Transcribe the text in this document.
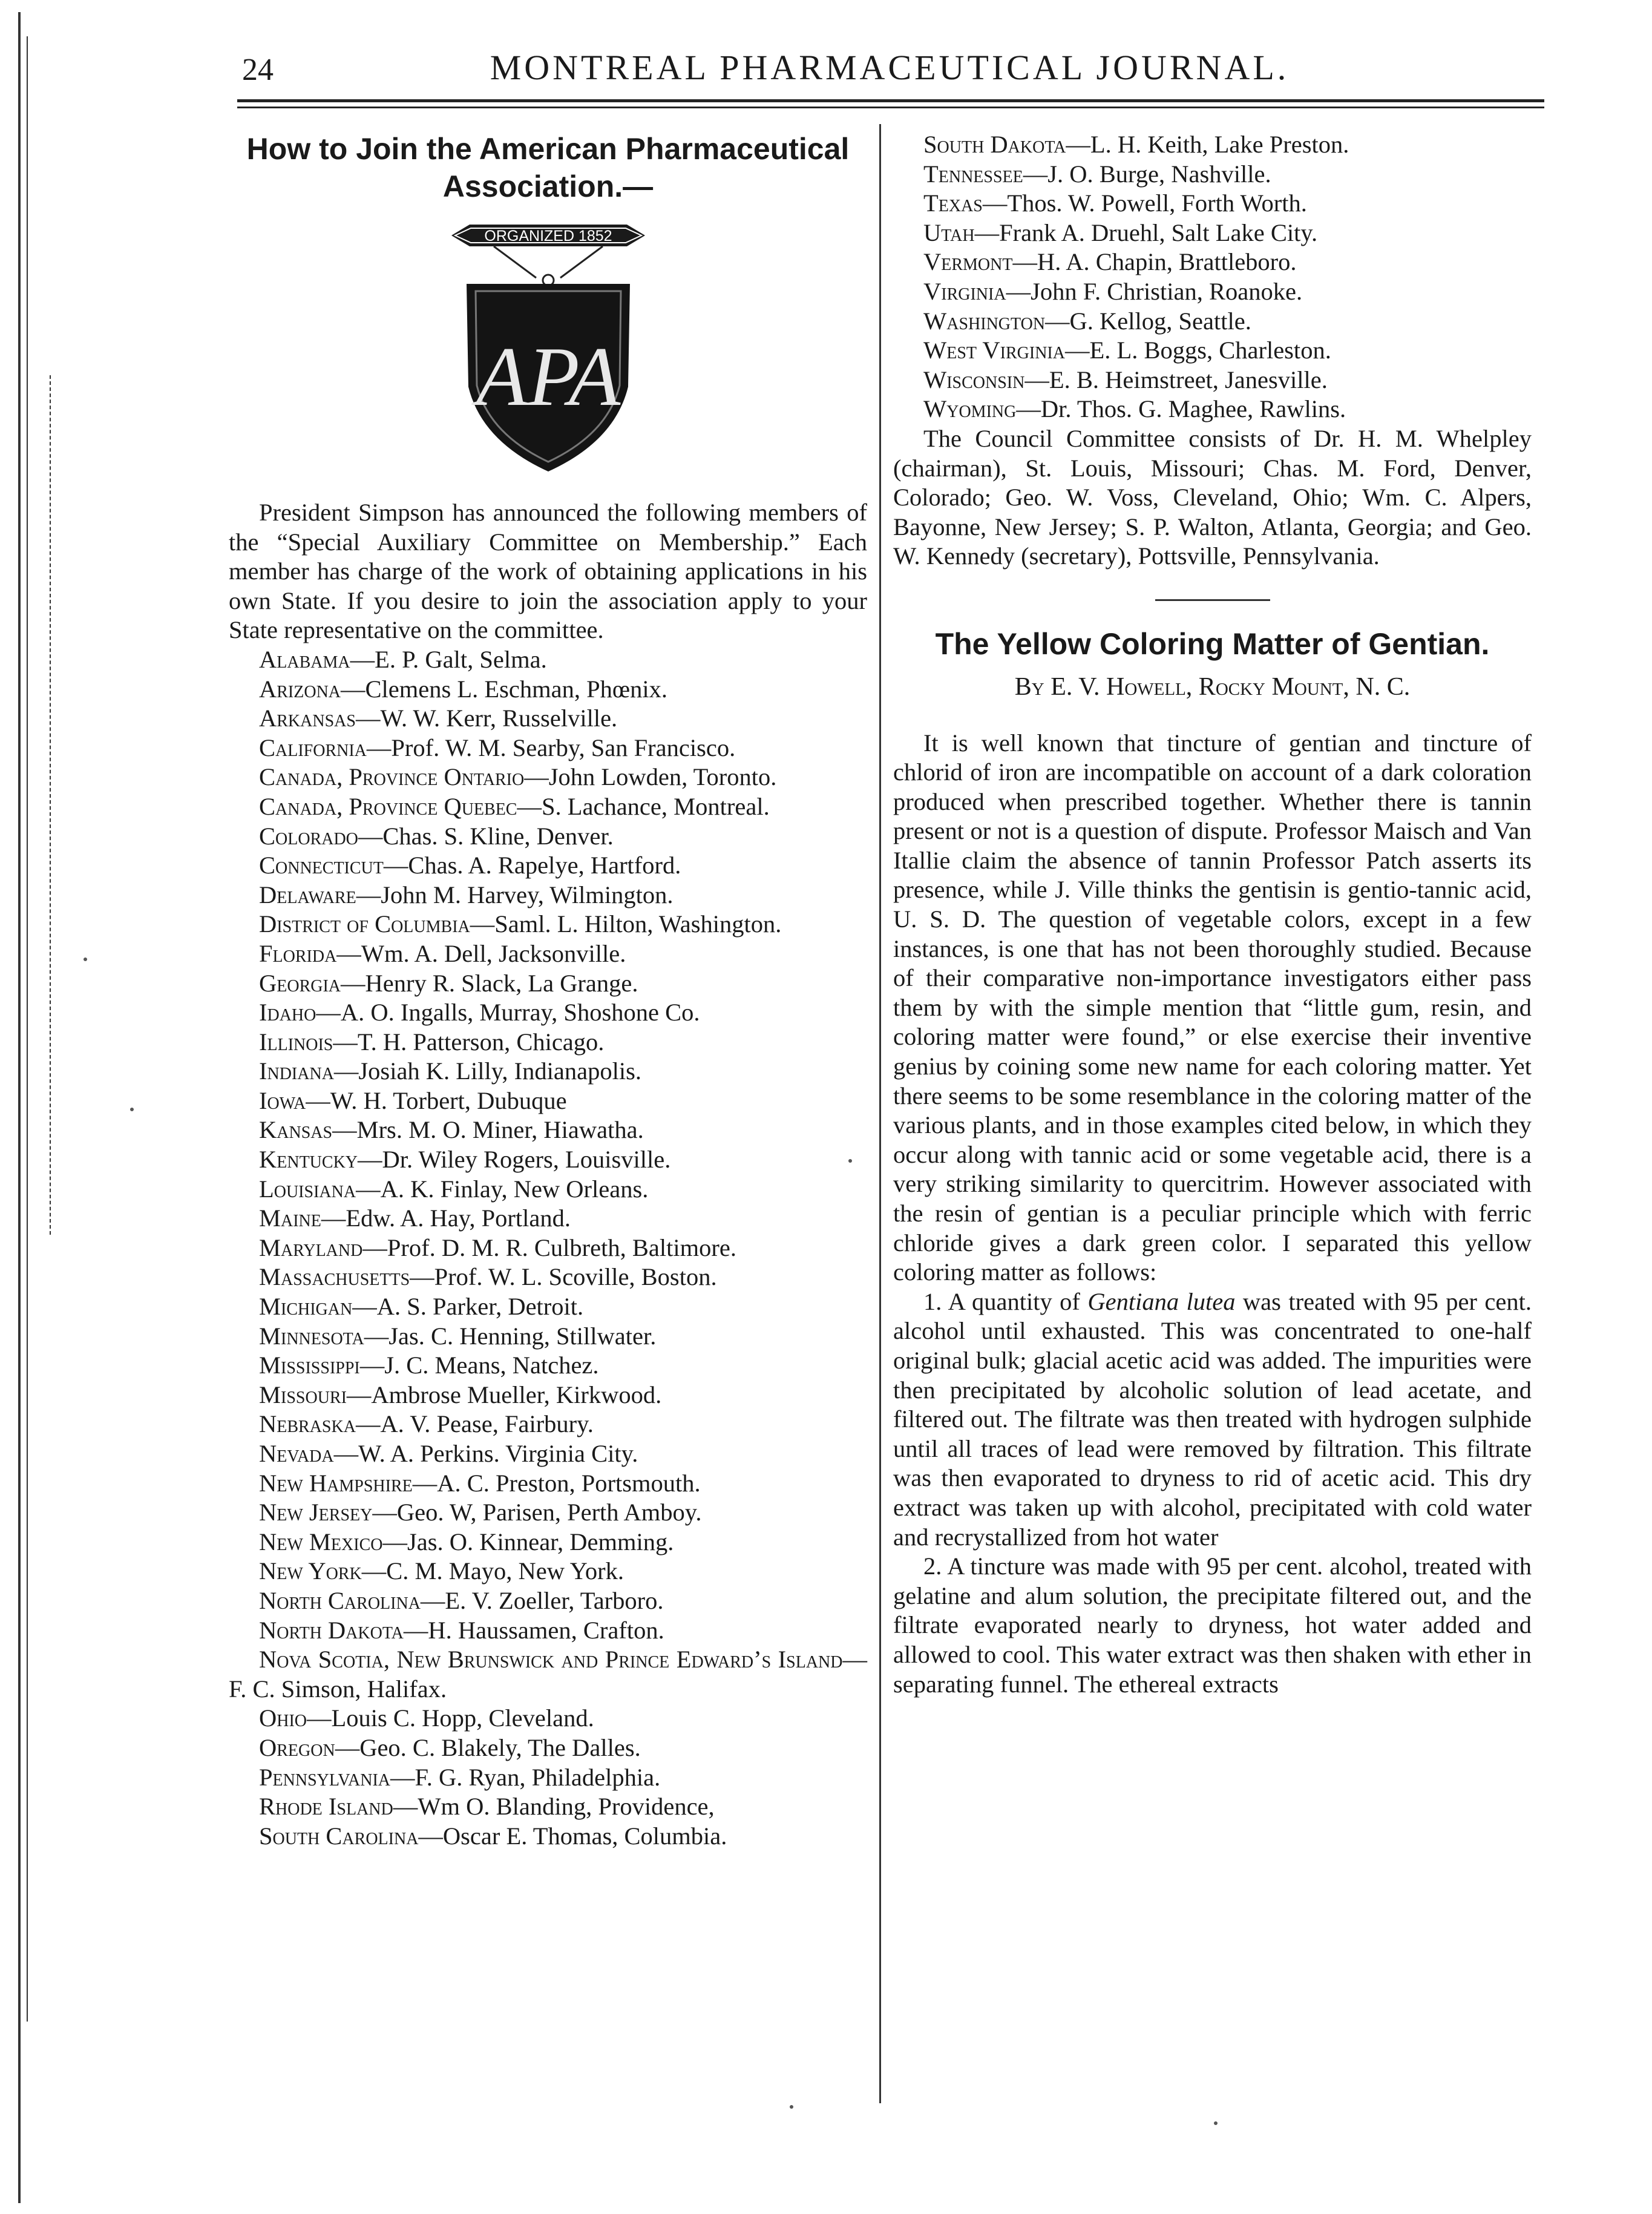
24	MONTREAL PHARMACEUTICAL JOURNAL.
How to Join the American Pharmaceutical Association.—
ORGANIZED 1852
APA

President Simpson has announced the following members of the “Special Auxiliary Committee on Membership.” Each member has charge of the work of obtaining applications in his own State. If you desire to join the association apply to your State representative on the committee.

Alabama—E. P. Galt, Selma.

Arizona—Clemens L. Eschman, Phœnix.

Arkansas—W. W. Kerr, Russelville.

California—Prof. W. M. Searby, San Francisco.

Canada, Province Ontario—John Lowden, Toronto.

Canada, Province Quebec—S. Lachance, Montreal.

Colorado—Chas. S. Kline, Denver.

Connecticut—Chas. A. Rapelye, Hartford.

Delaware—John M. Harvey, Wilmington.

District of Columbia—Saml. L. Hilton, Washington.

Florida—Wm. A. Dell, Jacksonville.

Georgia—Henry R. Slack, La Grange.

Idaho—A. O. Ingalls, Murray, Shoshone Co.

Illinois—T. H. Patterson, Chicago.

Indiana—Josiah K. Lilly, Indianapolis.

Iowa—W. H. Torbert, Dubuque

Kansas—Mrs. M. O. Miner, Hiawatha.

Kentucky—Dr. Wiley Rogers, Louisville.

Louisiana—A. K. Finlay, New Orleans.

Maine—Edw. A. Hay, Portland.

Maryland—Prof. D. M. R. Culbreth, Baltimore.

Massachusetts—Prof. W. L. Scoville, Boston.

Michigan—A. S. Parker, Detroit.

Minnesota—Jas. C. Henning, Stillwater.

Mississippi—J. C. Means, Natchez.

Missouri—Ambrose Mueller, Kirkwood.

Nebraska—A. V. Pease, Fairbury.

Nevada—W. A. Perkins. Virginia City.

New Hampshire—A. C. Preston, Portsmouth.

New Jersey—Geo. W, Parisen, Perth Amboy.

New Mexico—Jas. O. Kinnear, Demming.

New York—C. M. Mayo, New York.

North Carolina—E. V. Zoeller, Tarboro.

North Dakota—H. Haussamen, Crafton.

Nova Scotia, New Brunswick and Prince Edward’s Island—F. C. Simson, Halifax.

Ohio—Louis C. Hopp, Cleveland.

Oregon—Geo. C. Blakely, The Dalles.

Pennsylvania—F. G. Ryan, Philadelphia.

Rhode Island—Wm O. Blanding, Providence,

South Carolina—Oscar E. Thomas, Columbia.

South Dakota—L. H. Keith, Lake Preston.

Tennessee—J. O. Burge, Nashville.

Texas—Thos. W. Powell, Forth Worth.

Utah—Frank A. Druehl, Salt Lake City.

Vermont—H. A. Chapin, Brattleboro.

Virginia—John F. Christian, Roanoke.

Washington—G. Kellog, Seattle.

West Virginia—E. L. Boggs, Charleston.

Wisconsin—E. B. Heimstreet, Janesville.

Wyoming—Dr. Thos. G. Maghee, Rawlins.

The Council Committee consists of Dr. H. M. Whelpley (chairman), St. Louis, Missouri; Chas. M. Ford, Denver, Colorado; Geo. W. Voss, Cleveland, Ohio; Wm. C. Alpers, Bayonne, New Jersey; S. P. Walton, Atlanta, Georgia; and Geo. W. Kennedy (secretary), Pottsville, Pennsylvania.

The Yellow Coloring Matter of Gentian.

By E. V. Howell, Rocky Mount, N. C.

It is well known that tincture of gentian and tincture of chlorid of iron are incompatible on account of a dark coloration produced when prescribed together. Whether there is tannin present or not is a question of dispute. Professor Maisch and Van Itallie claim the absence of tannin Professor Patch asserts its presence, while J. Ville thinks the gentisin is gentio-tannic acid, U. S. D. The question of vegetable colors, except in a few instances, is one that has not been thoroughly studied. Because of their comparative non-importance investigators either pass them by with the simple mention that “little gum, resin, and coloring matter were found,” or else exercise their inventive genius by coining some new name for each coloring matter. Yet there seems to be some resemblance in the coloring matter of the various plants, and in those examples cited below, in which they occur along with tannic acid or some vegetable acid, there is a very striking similarity to quercitrim. However associated with the resin of gentian is a peculiar principle which with ferric chloride gives a dark green color. I separated this yellow coloring matter as follows:

1. A quantity of Gentiana lutea was treated with 95 per cent. alcohol until exhausted. This was concentrated to one-half original bulk; glacial acetic acid was added. The impurities were then precipitated by alcoholic solution of lead acetate, and filtered out. The filtrate was then treated with hydrogen sulphide until all traces of lead were removed by filtration. This filtrate was then evaporated to dryness to rid of acetic acid. This dry extract was taken up with alcohol, precipitated with cold water and recrystallized from hot water

2. A tincture was made with 95 per cent. alcohol, treated with gelatine and alum solution, the precipitate filtered out, and the filtrate evaporated nearly to dryness, hot water added and allowed to cool. This water extract was then shaken with ether in separating funnel. The ethereal extracts
